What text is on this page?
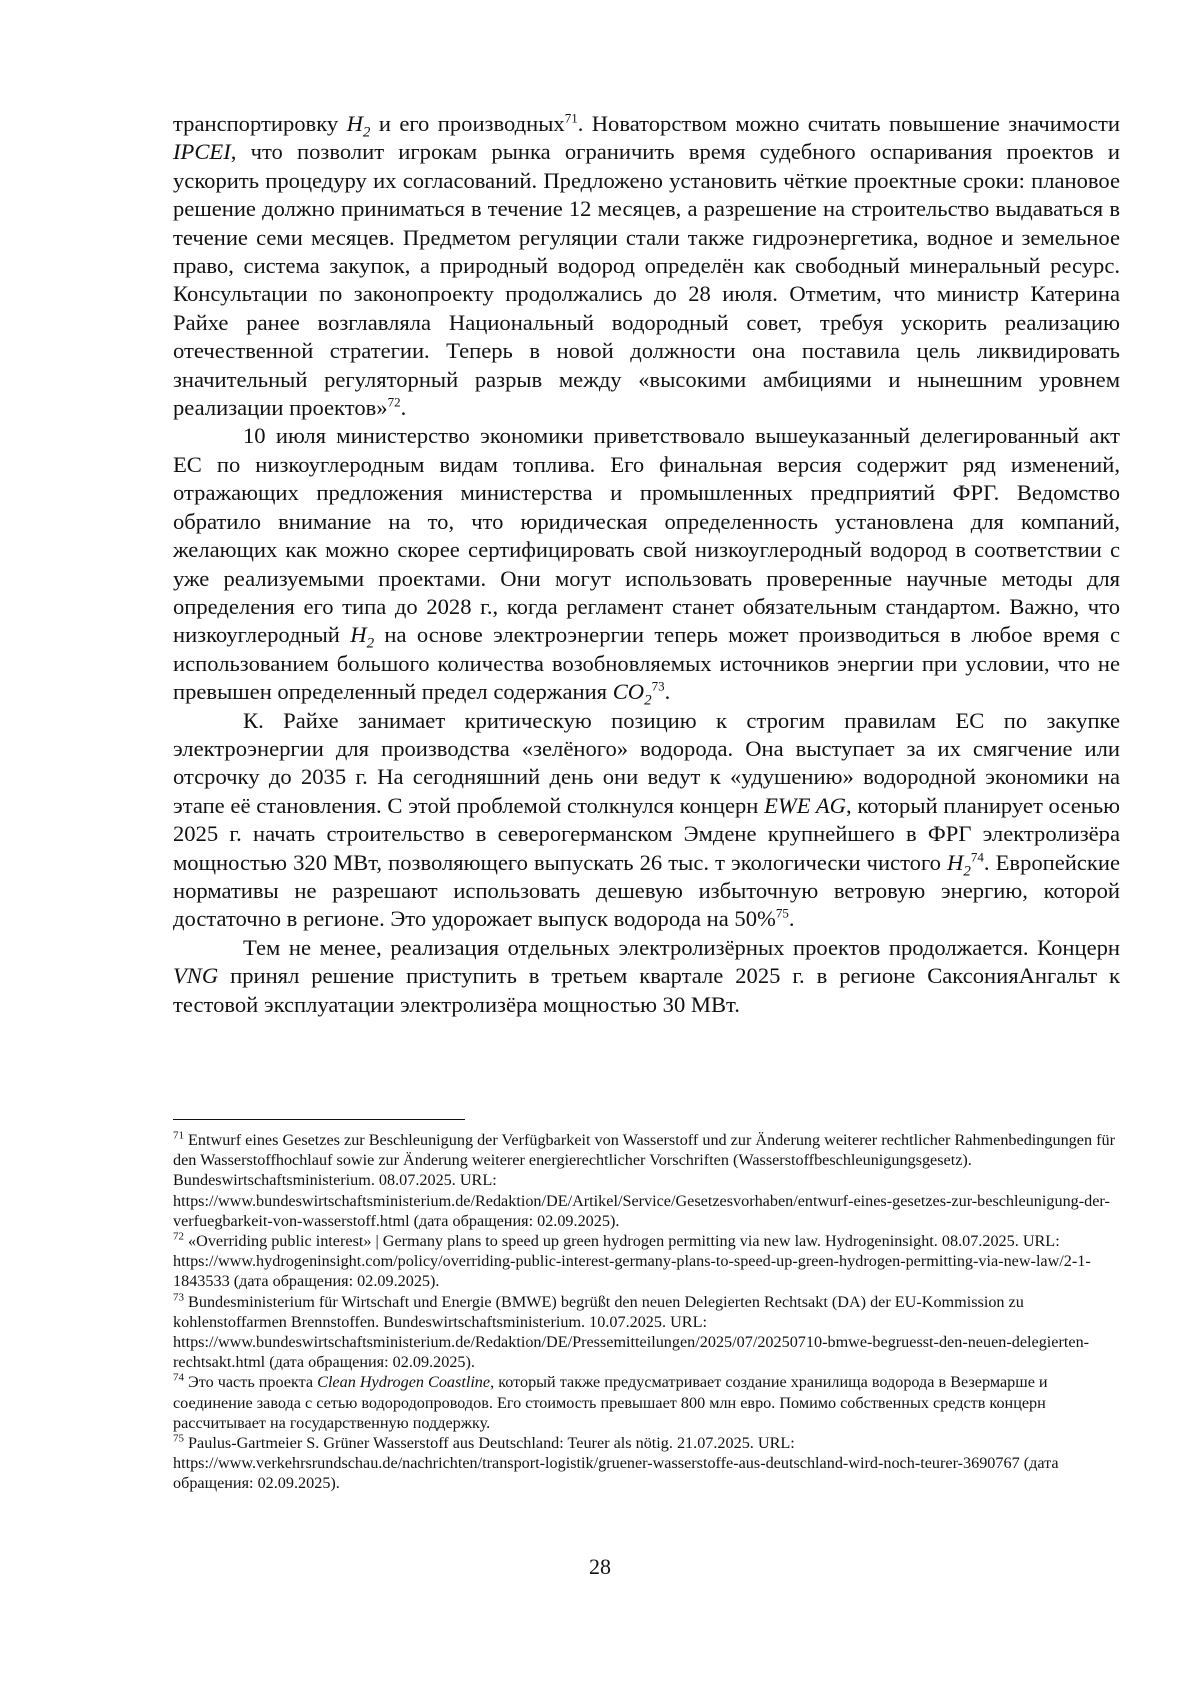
транспортировку $H_2$ и его производных$^{71}$. Новаторством можно считать повышение значимости IPCEI, что позволит игрокам рынка ограничить время судебного оспаривания проектов и ускорить процедуру их согласований. Предложено установить чёткие проектные сроки: плановое решение должно приниматься в течение 12 месяцев, а разрешение на строительство выдаваться в течение семи месяцев. Предметом регуляции стали также гидроэнергетика, водное и земельное право, система закупок, а природный водород определён как свободный минеральный ресурс. Консультации по законопроекту продолжались до 28 июля. Отметим, что министр Катерина Райхе ранее возглавляла Национальный водородный совет, требуя ускорить реализацию отечественной стратегии. Теперь в новой должности она поставила цель ликвидировать значительный регуляторный разрыв между «высокими амбициями и нынешним уровнем реализации проектов»$^{72}$.

10 июля министерство экономики приветствовало вышеуказанный делегированный акт ЕС по низкоуглеродным видам топлива. Его финальная версия содержит ряд изменений, отражающих предложения министерства и промышленных предприятий ФРГ. Ведомство обратило внимание на то, что юридическая определенность установлена для компаний, желающих как можно скорее сертифицировать свой низкоуглеродный водород в соответствии с уже реализуемыми проектами. Они могут использовать проверенные научные методы для определения его типа до 2028 г., когда регламент станет обязательным стандартом. Важно, что низкоуглеродный $H_2$ на основе электроэнергии теперь может производиться в любое время с использованием большого количества возобновляемых источников энергии при условии, что не превышен определенный предел содержания $CO_2^{73}$.

К. Райхе занимает критическую позицию к строгим правилам ЕС по закупке электроэнергии для производства «зелёного» водорода. Она выступает за их смягчение или отсрочку до 2035 г. На сегодняшний день они ведут к «удушению» водородной экономики на этапе её становления. С этой проблемой столкнулся концерн EWE AG, который планирует осенью 2025 г. начать строительство в северогерманском Эмдене крупнейшего в ФРГ электролизёра мощностью 320 МВт, позволяющего выпускать 26 тыс. т экологически чистого $H_2^{74}$. Европейские нормативы не разрешают использовать дешевую избыточную ветровую энергию, которой достаточно в регионе. Это удорожает выпуск водорода на 50%$^{75}$.

Тем не менее, реализация отдельных электролизёрных проектов продолжается. Концерн VNG принял решение приступить в третьем квартале 2025 г. в регионе СаксонияАнгальт к тестовой эксплуатации электролизёра мощностью 30 МВт.

$^{71}$ Entwurf eines Gesetzes zur Beschleunigung der Verfügbarkeit von Wasserstoff und zur Änderung weiterer rechtlicher Rahmenbedingungen für den Wasserstoffhochlauf sowie zur Änderung weiterer energierechtlicher Vorschriften (Wasserstoffbeschleunigungsgesetz). Bundeswirtschaftsministerium. 08.07.2025. URL: https://www.bundeswirtschaftsministerium.de/Redaktion/DE/Artikel/Service/Gesetzesvorhaben/entwurf-eines-gesetzes-zur-beschleunigung-der-verfuegbarkeit-von-wasserstoff.html (дата обращения: 02.09.2025).

$^{72}$ «Overriding public interest» | Germany plans to speed up green hydrogen permitting via new law. Hydrogeninsight. 08.07.2025. URL: https://www.hydrogeninsight.com/policy/overriding-public-interest-germany-plans-to-speed-up-green-hydrogen-permitting-via-new-law/2-1-1843533 (дата обращения: 02.09.2025).

$^{73}$ Bundesministerium für Wirtschaft und Energie (BMWE) begrüßt den neuen Delegierten Rechtsakt (DA) der EU-Kommission zu kohlenstoffarmen Brennstoffen. Bundeswirtschaftsministerium. 10.07.2025. URL: https://www.bundeswirtschaftsministerium.de/Redaktion/DE/Pressemitteilungen/2025/07/20250710-bmwe-begruesst-den-neuen-delegierten-rechtsakt.html (дата обращения: 02.09.2025).

$^{74}$ Это часть проекта Clean Hydrogen Coastline, который также предусматривает создание хранилища водорода в Везермарше и соединение завода с сетью водородопроводов. Его стоимость превышает 800 млн евро. Помимо собственных средств концерн рассчитывает на государственную поддержку.

$^{75}$ Paulus-Gartmeier S. Grüner Wasserstoff aus Deutschland: Teurer als nötig. 21.07.2025. URL: https://www.verkehrsrundschau.de/nachrichten/transport-logistik/gruener-wasserstoffe-aus-deutschland-wird-noch-teurer-3690767 (дата обращения: 02.09.2025).

28
